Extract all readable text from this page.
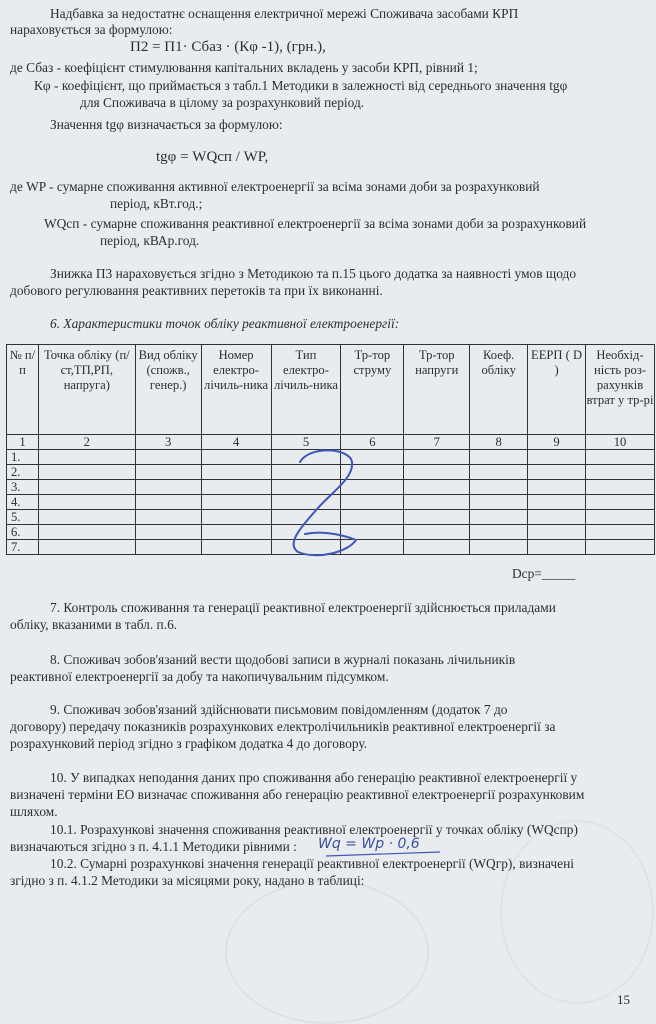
Надбавка за недостатнє оснащення електричної мережі Споживача засобами КРП
нараховується за формулою:
П2 = П1· Сбаз · (Кφ -1), (грн.),
де Сбаз - коефіцієнт стимулювання капітальних вкладень у засоби КРП, рівний 1;
Кφ - коефіцієнт, що приймається з табл.1 Методики в залежності від середнього значення tgφ
для Споживача в цілому за розрахунковий період.
Значення tgφ визначається за формулою:
tgφ = WQсп / WP,
де WP - сумарне споживання активної електроенергії за всіма зонами доби за розрахунковий
період, кВт.год.;
WQсп - сумарне споживання реактивної електроенергії за всіма зонами доби за розрахунковий
період, кВАр.год.
Знижка П3 нараховується згідно з Методикою та п.15 цього додатка за наявності умов щодо
добового регулювання реактивних перетоків та при їх виконанні.
6. Характеристики точок обліку реактивної електроенергії:
№ п/п	Точка обліку (п/ст,ТП,РП, напруга)	Вид обліку (спожв., генер.)	Номер електро-лічиль-ника	Тип електро-лічиль-ника	Тр-тор струму	Тр-тор напруги	Коеф. обліку	ЕЕРП ( D )	Необхід-ність роз-рахунків втрат у тр-рі
1	2	3	4	5	6	7	8	9	10
1.									
2.									
3.									
4.									
5.									
6.									
7.									
Dср=_____
7. Контроль споживання та генерації реактивної електроенергії здійснюється приладами
обліку, вказаними в табл. п.6.
8. Споживач зобов'язаний вести щодобові записи в журналі показань лічильників
реактивної електроенергії за добу та накопичувальним підсумком.
9. Споживач зобов'язаний здійснювати письмовим повідомленням (додаток 7 до
договору) передачу показників розрахункових електролічильників реактивної електроенергії за
розрахунковий період згідно з графіком додатка 4 до договору.
10. У випадках неподання даних про споживання або генерацію реактивної електроенергії у
визначені терміни ЕО визначає споживання або генерацію реактивної електроенергії розрахунковим
шляхом.
10.1. Розрахункові значення споживання реактивної електроенергії у точках обліку (WQспр)
визначаються згідно з п. 4.1.1 Методики рівними : Wq = Wp · 0,6
10.2. Сумарні розрахункові значення генерації реактивної електроенергії (WQгр), визначені
згідно з п. 4.1.2 Методики за місяцями року, надано в таблиці:
15
